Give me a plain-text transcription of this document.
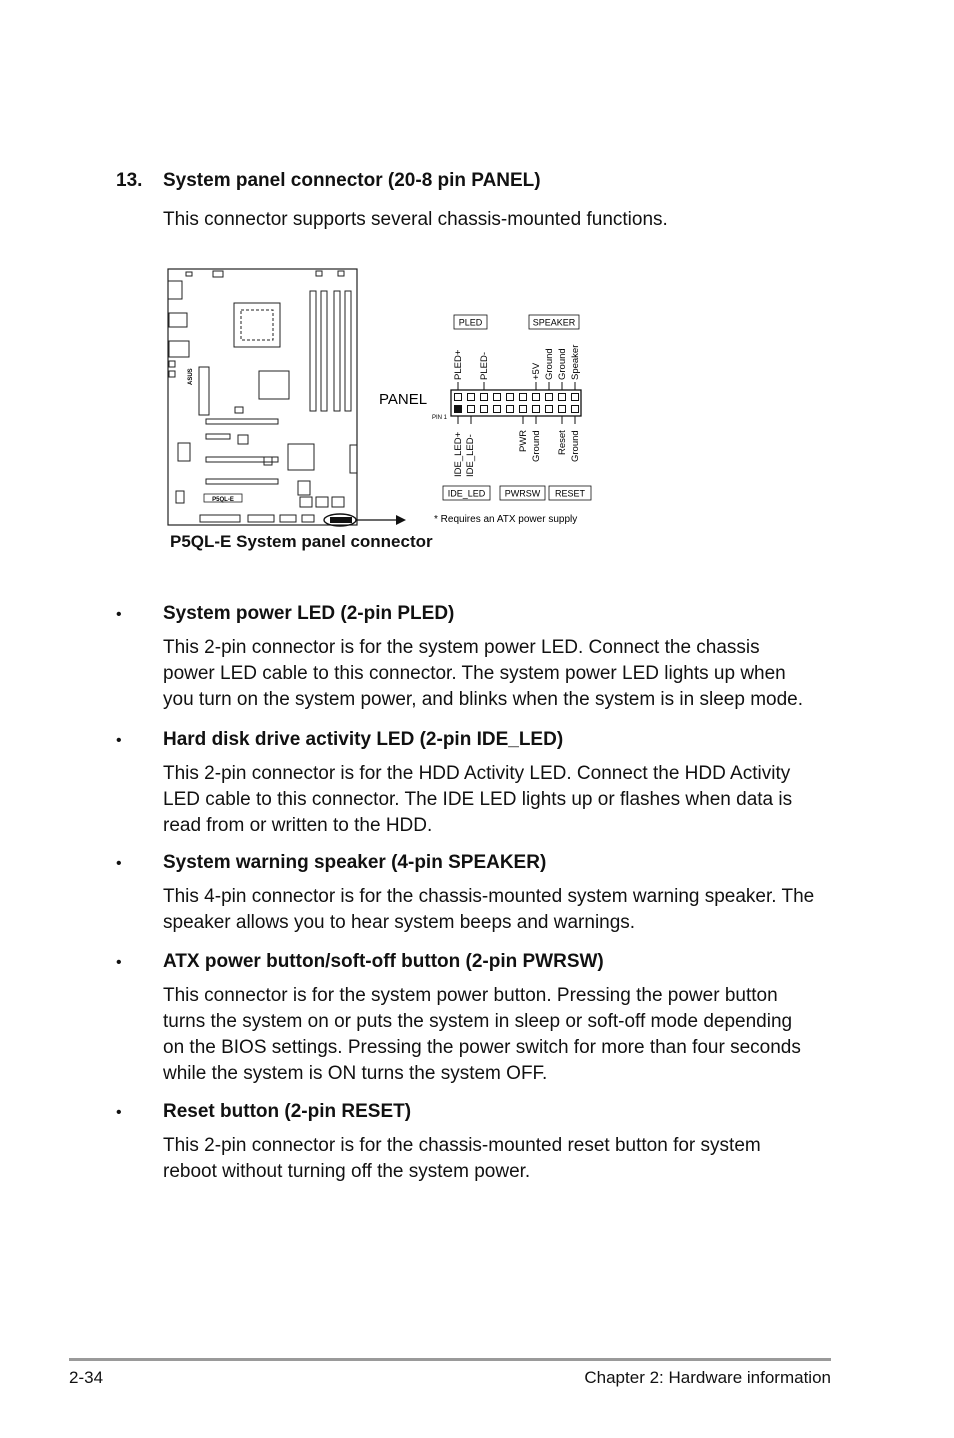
13. System panel connector (20-8 pin PANEL)
This connector supports several chassis-mounted functions.
P5QL-E
ASUS
PLED	SPEAKER
PLED+ PLED-	+5V Ground Ground Speaker
PANEL
PIN 1
IDE_LED+ IDE_LED-	PWR Ground Reset Ground
IDE_LED PWRSW RESET
* Requires an ATX power supply
P5QL-E System panel connector
• System power LED (2-pin PLED)

This 2-pin connector is for the system power LED. Connect the chassis
power LED cable to this connector. The system power LED lights up when
you turn on the system power, and blinks when the system is in sleep mode.

• Hard disk drive activity LED (2-pin IDE_LED)

This 2-pin connector is for the HDD Activity LED. Connect the HDD Activity
LED cable to this connector. The IDE LED lights up or flashes when data is
read from or written to the HDD.

• System warning speaker (4-pin SPEAKER)

This 4-pin connector is for the chassis-mounted system warning speaker. The
speaker allows you to hear system beeps and warnings.

• ATX power button/soft-off button (2-pin PWRSW)

This connector is for the system power button. Pressing the power button
turns the system on or puts the system in sleep or soft-off mode depending
on the BIOS settings. Pressing the power switch for more than four seconds
while the system is ON turns the system OFF.

• Reset button (2-pin RESET)

This 2-pin connector is for the chassis-mounted reset button for system
reboot without turning off the system power.

2-34	Chapter 2: Hardware information
